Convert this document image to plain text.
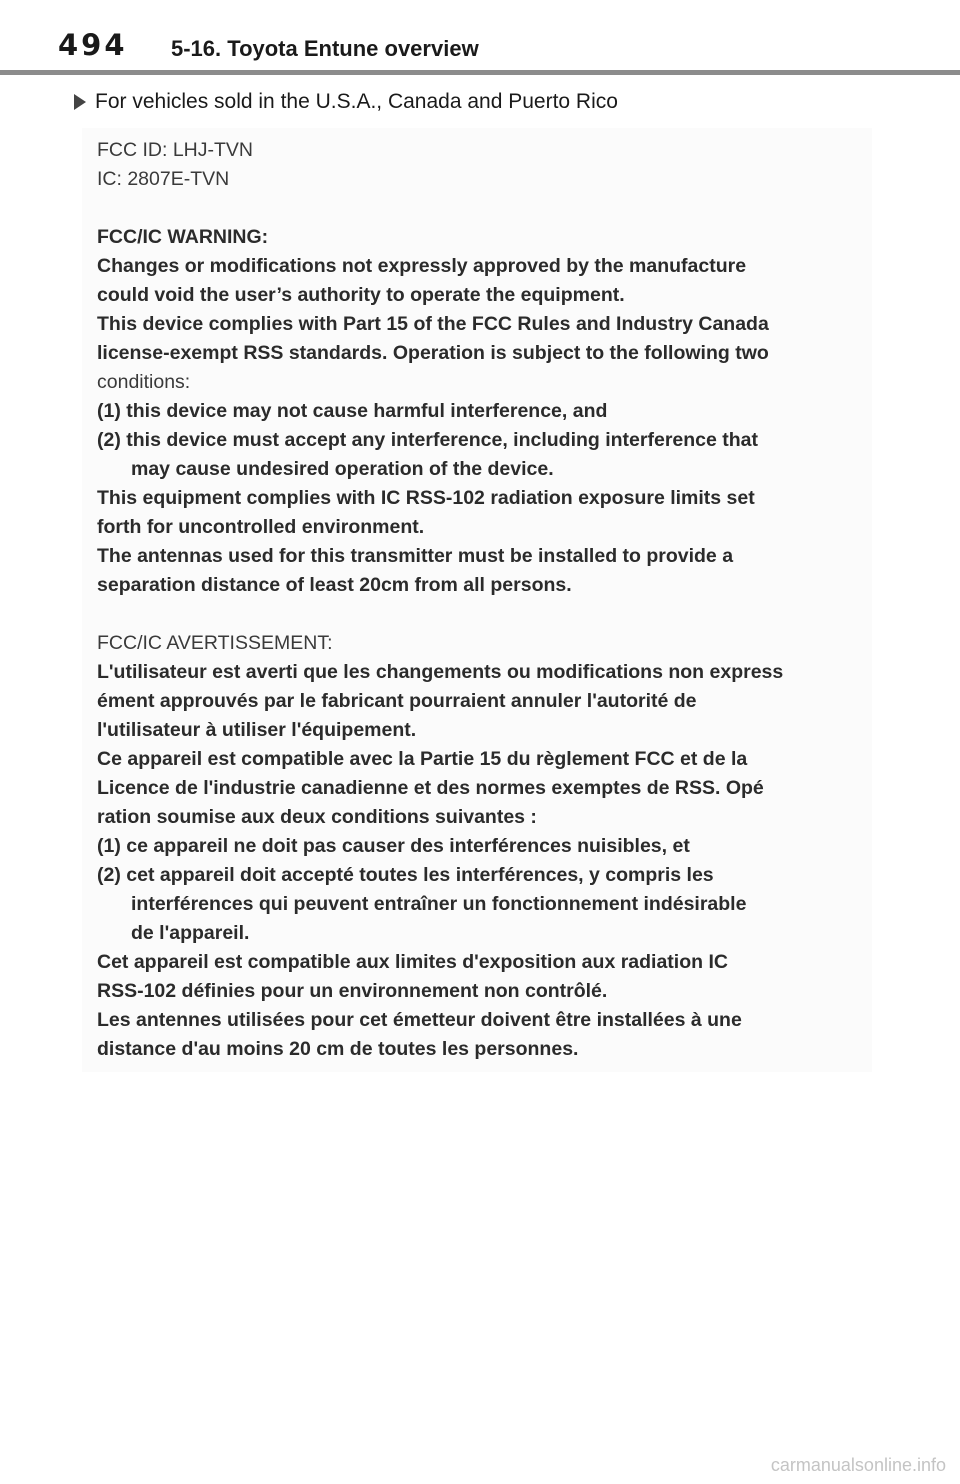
494 5-16. Toyota Entune overview
For vehicles sold in the U.S.A., Canada and Puerto Rico
FCC ID: LHJ-TVN
IC: 2807E-TVN
FCC/IC WARNING:
Changes or modifications not expressly approved by the manufacture
could void the user’s authority to operate the equipment.
This device complies with Part 15 of the FCC Rules and Industry Canada
license-exempt RSS standards. Operation is subject to the following two
conditions:
(1) this device may not cause harmful interference, and
(2) this device must accept any interference, including interference that
may cause undesired operation of the device.
This equipment complies with IC RSS-102 radiation exposure limits set
forth for uncontrolled environment.
The antennas used for this transmitter must be installed to provide a
separation distance of least 20cm from all persons.
FCC/IC AVERTISSEMENT:
L'utilisateur est averti que les changements ou modifications non express
ément approuvés par le fabricant pourraient annuler l'autorité de
l'utilisateur à utiliser l'équipement.
Ce appareil est compatible avec la Partie 15 du règlement FCC et de la
Licence de l'industrie canadienne et des normes exemptes de RSS. Opé
ration soumise aux deux conditions suivantes :
(1) ce appareil ne doit pas causer des interférences nuisibles, et
(2) cet appareil doit accepté toutes les interférences, y compris les
interférences qui peuvent entraîner un fonctionnement indésirable
de l'appareil.
Cet appareil est compatible aux limites d'exposition aux radiation IC
RSS-102 définies pour un environnement non contrôlé.
Les antennes utilisées pour cet émetteur doivent être installées à une
distance d'au moins 20 cm de toutes les personnes.
carmanualsonline.info
